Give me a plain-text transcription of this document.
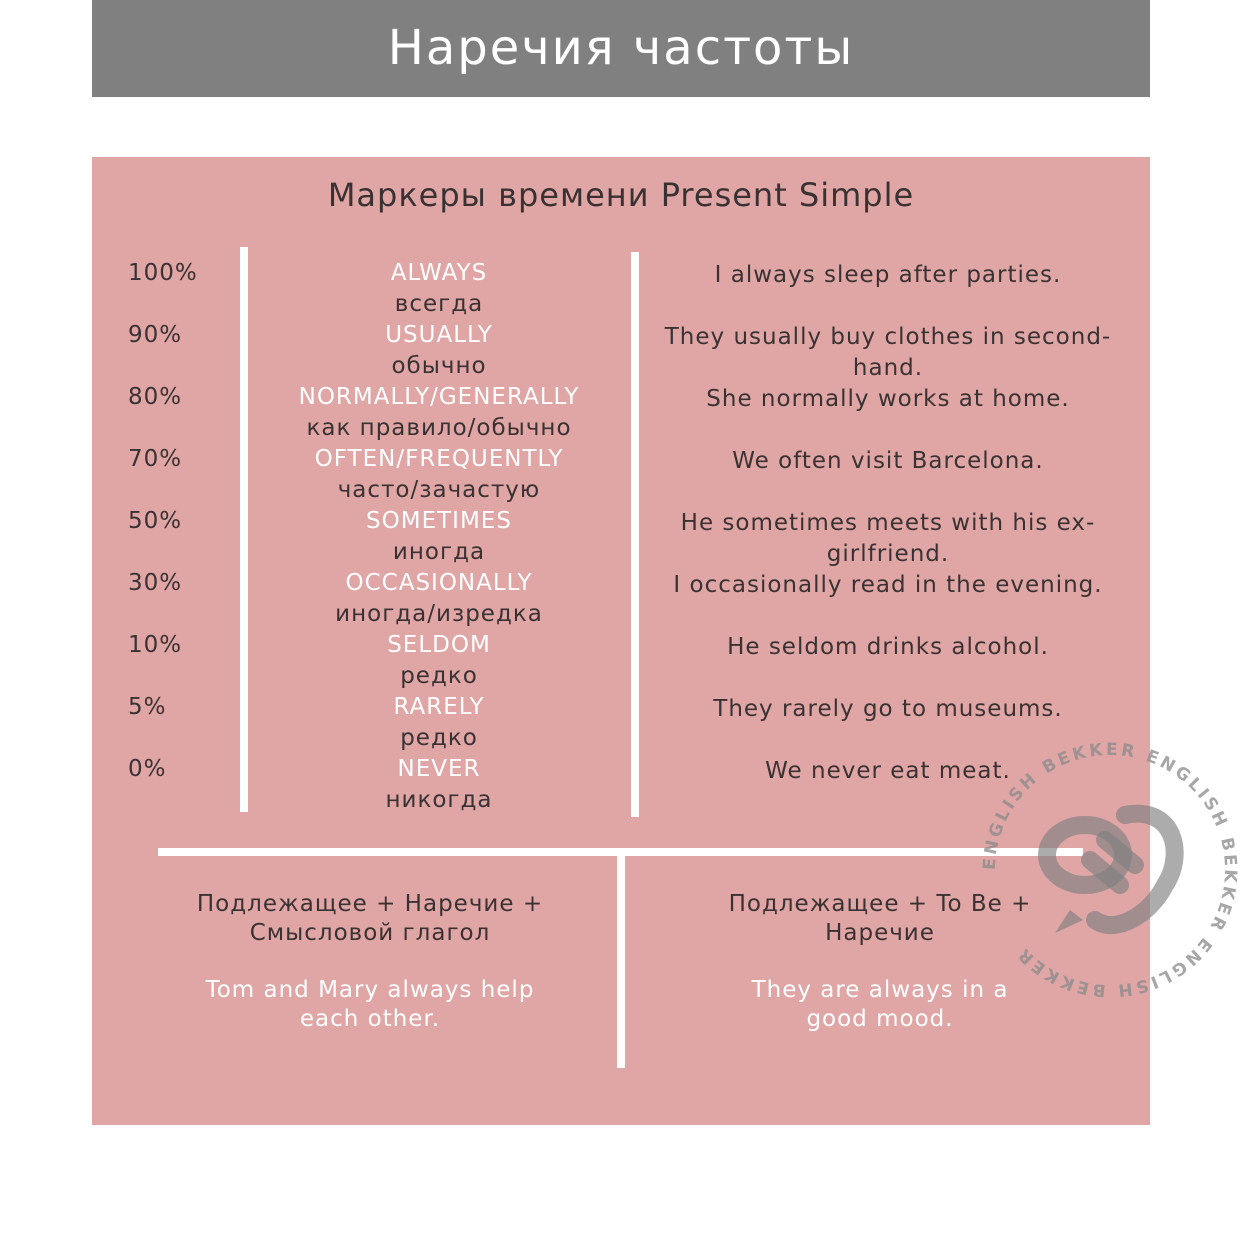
Наречия частоты
Маркеры времени Present Simple
100%	ALWAYS
всегда
I always sleep after parties.
90%	USUALLY
обычно
They usually buy clothes in second-hand.
80%	NORMALLY/GENERALLY
как правило/обычно
She normally works at home.
70%	OFTEN/FREQUENTLY
часто/зачастую
We often visit Barcelona.
50%	SOMETIMES
иногда
He sometimes meets with his ex-girlfriend.
30%	OCCASIONALLY
иногда/изредка
I occasionally read in the evening.
10%	SELDOM
редко
He seldom drinks alcohol.
5%	RARELY
редко
They rarely go to museums.
0%	NEVER
никогда
We never eat meat.
Подлежащее + Наречие + Смысловой глагол
Tom and Mary always help each other.
Подлежащее + To Be + Наречие
They are always in a good mood.
ENGLISH BEKKER ENGLISH BEKKER ENGLISH BEKKER
